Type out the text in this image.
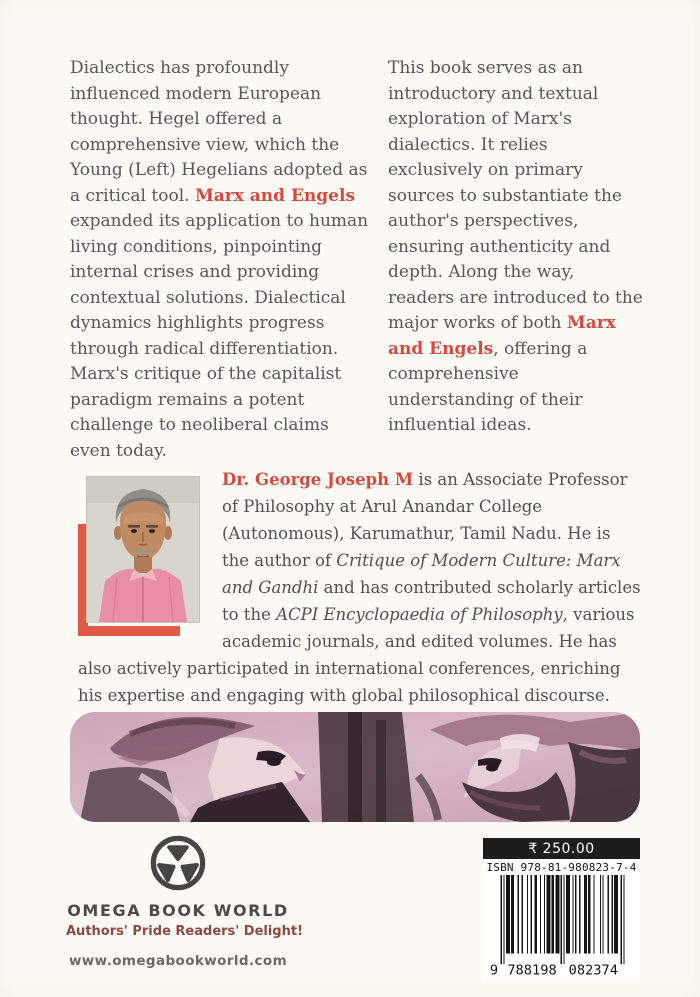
Dialectics has profoundly influenced modern European thought. Hegel offered a comprehensive view, which the Young (Left) Hegelians adopted as a critical tool. Marx and Engels expanded its application to human living conditions, pinpointing internal crises and providing contextual solutions. Dialectical dynamics highlights progress through radical differentiation. Marx's critique of the capitalist paradigm remains a potent challenge to neoliberal claims even today.
This book serves as an introductory and textual exploration of Marx's dialectics. It relies exclusively on primary sources to substantiate the author's perspectives, ensuring authenticity and depth. Along the way, readers are introduced to the major works of both Marx and Engels, offering a comprehensive understanding of their influential ideas.
Dr. George Joseph M is an Associate Professor of Philosophy at Arul Anandar College (Autonomous), Karumathur, Tamil Nadu. He is the author of Critique of Modern Culture: Marx and Gandhi and has contributed scholarly articles to the ACPI Encyclopaedia of Philosophy, various academic journals, and edited volumes. He has also actively participated in international conferences, enriching his expertise and engaging with global philosophical discourse.
OMEGA BOOK WORLD
Authors' Pride Readers' Delight!
www.omegabookworld.com
₹ 250.00
ISBN 978-81-980823-7-4
9 788198 082374
